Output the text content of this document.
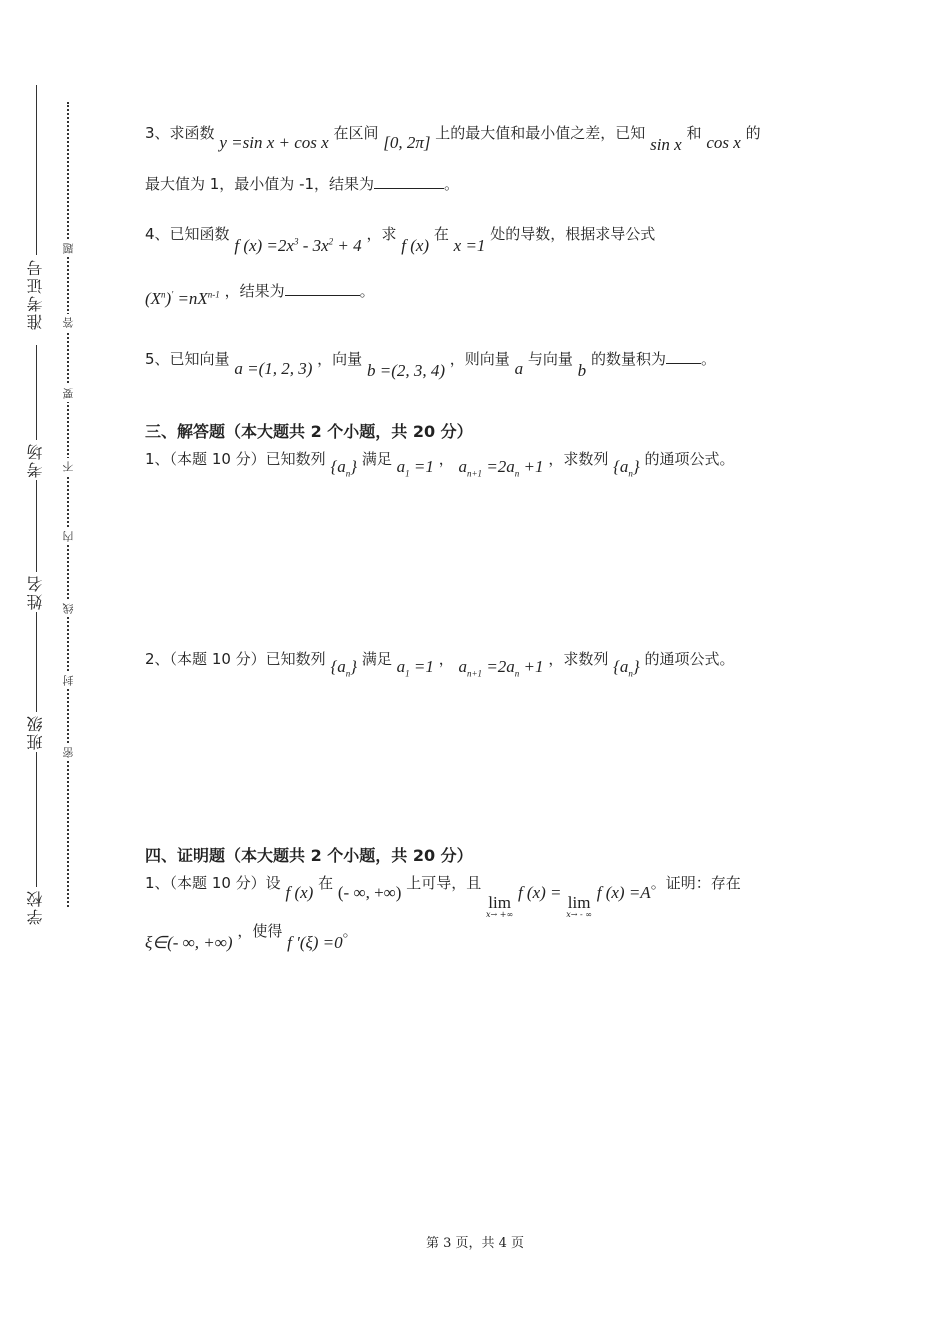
准考证号
考场
姓名
班级
学校
题
答
要
不
内
线
封
密
3、求函数 y =sin x + cos x 在区间 [0, 2π] 上的最大值和最小值之差，已知 sin x 和 cos x 的
最大值为 1，最小值为 -1，结果为	。
4、已知函数 f $(x) =2x^3 - 3x^2 + 4$ ，求 f (x) 在 x =1 处的导数，根据求导公式
$(X^n)' =nX^{n-1}$ ，结果为	。
5、已知向量 a =(1, 2, 3) ，向量 b =(2, 3, 4) ，则向量 a 与向量 b 的数量积为 。
三、解答题（本大题共 2 个小题，共 20 分）
1、（本题 10 分）已知数列 $\{a_n\}$ 满足 $a_1 =1$ ， $a_{n+1} =2a_n +1$ ，求数列 $\{a_n\}$ 的通项公式。
2、（本题 10 分）已知数列 $\{a_n\}$ 满足 $a_1 =1$ ， $a_{n+1} =2a_n +1$ ，求数列 $\{a_n\}$ 的通项公式。
四、证明题（本大题共 2 个小题，共 20 分）
1、（本题 10 分）设 f (x) 在 (- ∞, +∞) 上可导，且
lim
x→ +∞
f (x) =
lim
x→ - ∞
f (x) =A。证明：存在
ξ∈(- ∞, +∞) ，使得 f ′(ξ) =0。
第 3 页，共 4 页
